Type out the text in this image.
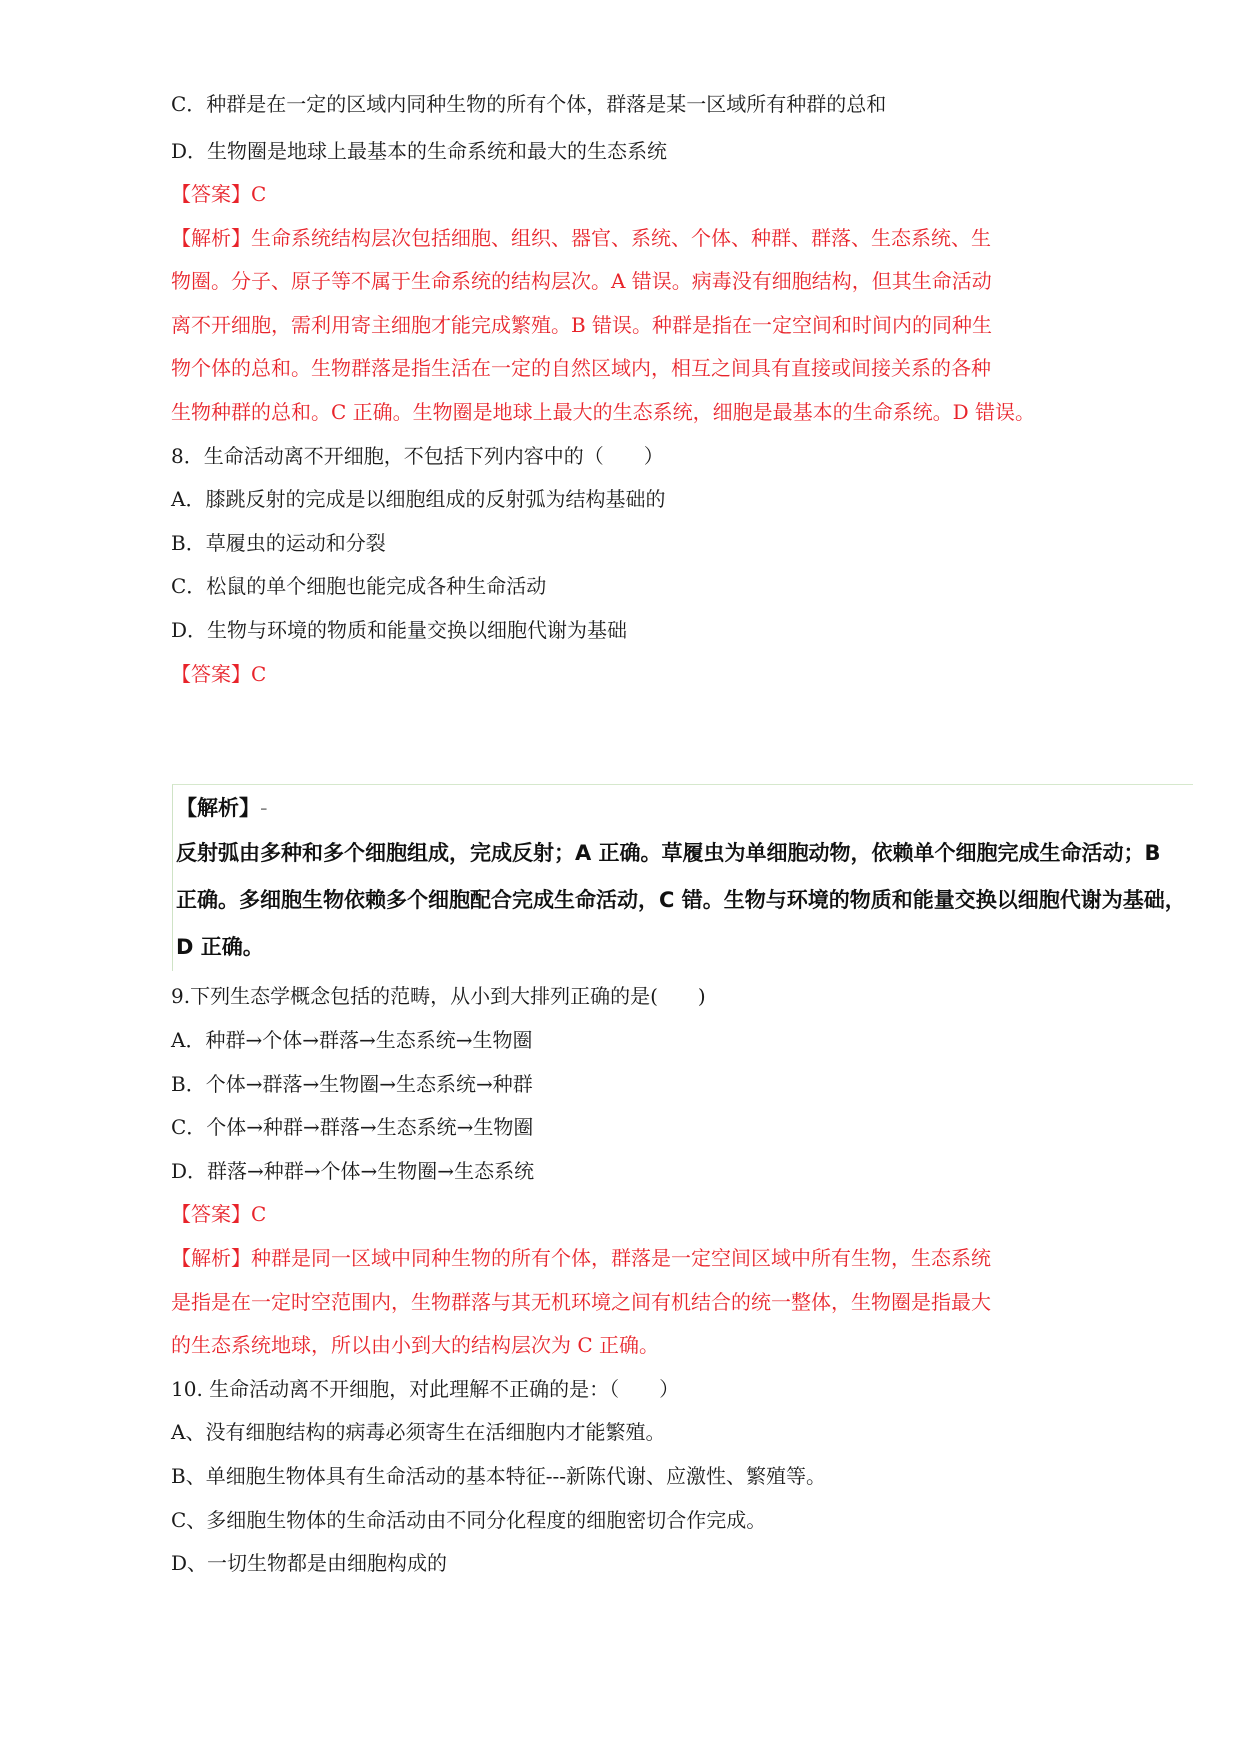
C．种群是在一定的区域内同种生物的所有个体，群落是某一区域所有种群的总和
D．生物圈是地球上最基本的生命系统和最大的生态系统
【答案】C
【解析】生命系统结构层次包括细胞、组织、器官、系统、个体、种群、群落、生态系统、生
物圈。分子、原子等不属于生命系统的结构层次。A 错误。病毒没有细胞结构，但其生命活动
离不开细胞，需利用寄主细胞才能完成繁殖。B 错误。种群是指在一定空间和时间内的同种生
物个体的总和。生物群落是指生活在一定的自然区域内，相互之间具有直接或间接关系的各种
生物种群的总和。C 正确。生物圈是地球上最大的生态系统，细胞是最基本的生命系统。D 错误。
8．生命活动离不开细胞，不包括下列内容中的（　　）
A．膝跳反射的完成是以细胞组成的反射弧为结构基础的
B．草履虫的运动和分裂
C．松鼠的单个细胞也能完成各种生命活动
D．生物与环境的物质和能量交换以细胞代谢为基础
【答案】C
【解析】-
反射弧由多种和多个细胞组成，完成反射；A 正确。草履虫为单细胞动物，依赖单个细胞完成生命活动；B
正确。多细胞生物依赖多个细胞配合完成生命活动，C 错。生物与环境的物质和能量交换以细胞代谢为基础，
D 正确。
9.下列生态学概念包括的范畴，从小到大排列正确的是(　　)
A．种群→个体→群落→生态系统→生物圈
B．个体→群落→生物圈→生态系统→种群
C．个体→种群→群落→生态系统→生物圈
D．群落→种群→个体→生物圈→生态系统
【答案】C
【解析】种群是同一区域中同种生物的所有个体，群落是一定空间区域中所有生物，生态系统
是指是在一定时空范围内，生物群落与其无机环境之间有机结合的统一整体，生物圈是指最大
的生态系统地球，所以由小到大的结构层次为 C 正确。
10. 生命活动离不开细胞，对此理解不正确的是：（　　）
A、没有细胞结构的病毒必须寄生在活细胞内才能繁殖。
B、单细胞生物体具有生命活动的基本特征---新陈代谢、应激性、繁殖等。
C、多细胞生物体的生命活动由不同分化程度的细胞密切合作完成。
D、一切生物都是由细胞构成的
